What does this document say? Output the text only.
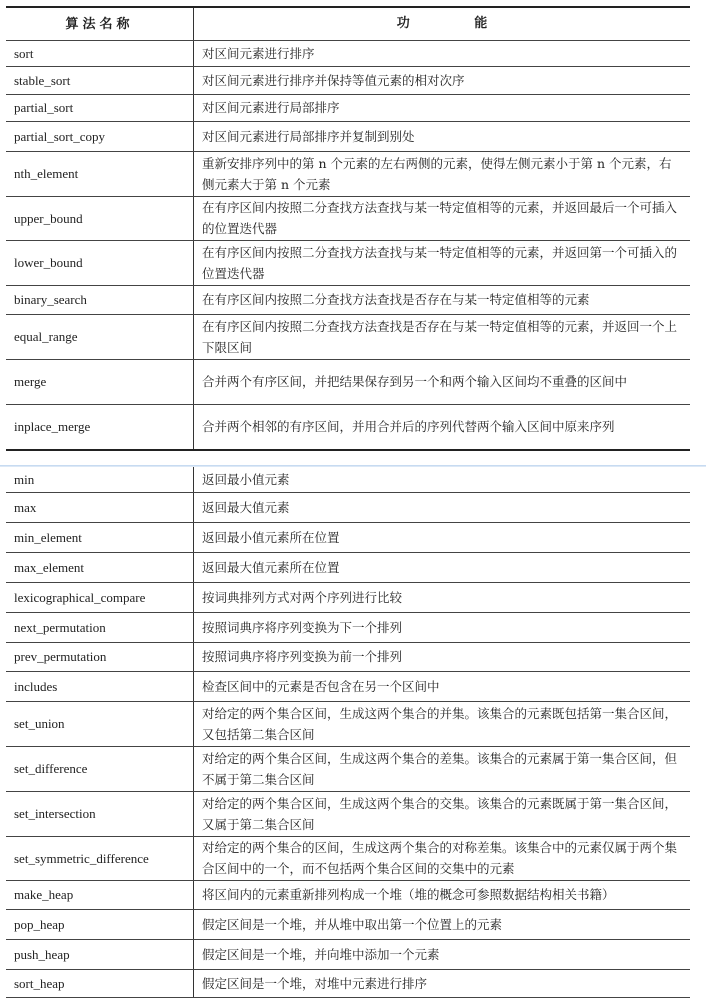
算法名称	功 能
sort	对区间元素进行排序
stable_sort	对区间元素进行排序并保持等值元素的相对次序
partial_sort	对区间元素进行局部排序
partial_sort_copy	对区间元素进行局部排序并复制到别处
nth_element	重新安排序列中的第 n 个元素的左右两侧的元素，使得左侧元素小于第 n 个元素，右侧元素大于第 n 个元素
upper_bound	在有序区间内按照二分查找方法查找与某一特定值相等的元素，并返回最后一个可插入的位置迭代器
lower_bound	在有序区间内按照二分查找方法查找与某一特定值相等的元素，并返回第一个可插入的位置迭代器
binary_search	在有序区间内按照二分查找方法查找是否存在与某一特定值相等的元素
equal_range	在有序区间内按照二分查找方法查找是否存在与某一特定值相等的元素，并返回一个上下限区间
merge	合并两个有序区间，并把结果保存到另一个和两个输入区间均不重叠的区间中
inplace_merge	合并两个相邻的有序区间，并用合并后的序列代替两个输入区间中原来序列
min	返回最小值元素
max	返回最大值元素
min_element	返回最小值元素所在位置
max_element	返回最大值元素所在位置
lexicographical_compare	按词典排列方式对两个序列进行比较
next_permutation	按照词典序将序列变换为下一个排列
prev_permutation	按照词典序将序列变换为前一个排列
includes	检查区间中的元素是否包含在另一个区间中
set_union	对给定的两个集合区间，生成这两个集合的并集。该集合的元素既包括第一集合区间，又包括第二集合区间
set_difference	对给定的两个集合区间，生成这两个集合的差集。该集合的元素属于第一集合区间，但不属于第二集合区间
set_intersection	对给定的两个集合区间，生成这两个集合的交集。该集合的元素既属于第一集合区间，又属于第二集合区间
set_symmetric_difference	对给定的两个集合的区间，生成这两个集合的对称差集。该集合中的元素仅属于两个集合区间中的一个，而不包括两个集合区间的交集中的元素
make_heap	将区间内的元素重新排列构成一个堆（堆的概念可参照数据结构相关书籍）
pop_heap	假定区间是一个堆，并从堆中取出第一个位置上的元素
push_heap	假定区间是一个堆，并向堆中添加一个元素
sort_heap	假定区间是一个堆，对堆中元素进行排序
